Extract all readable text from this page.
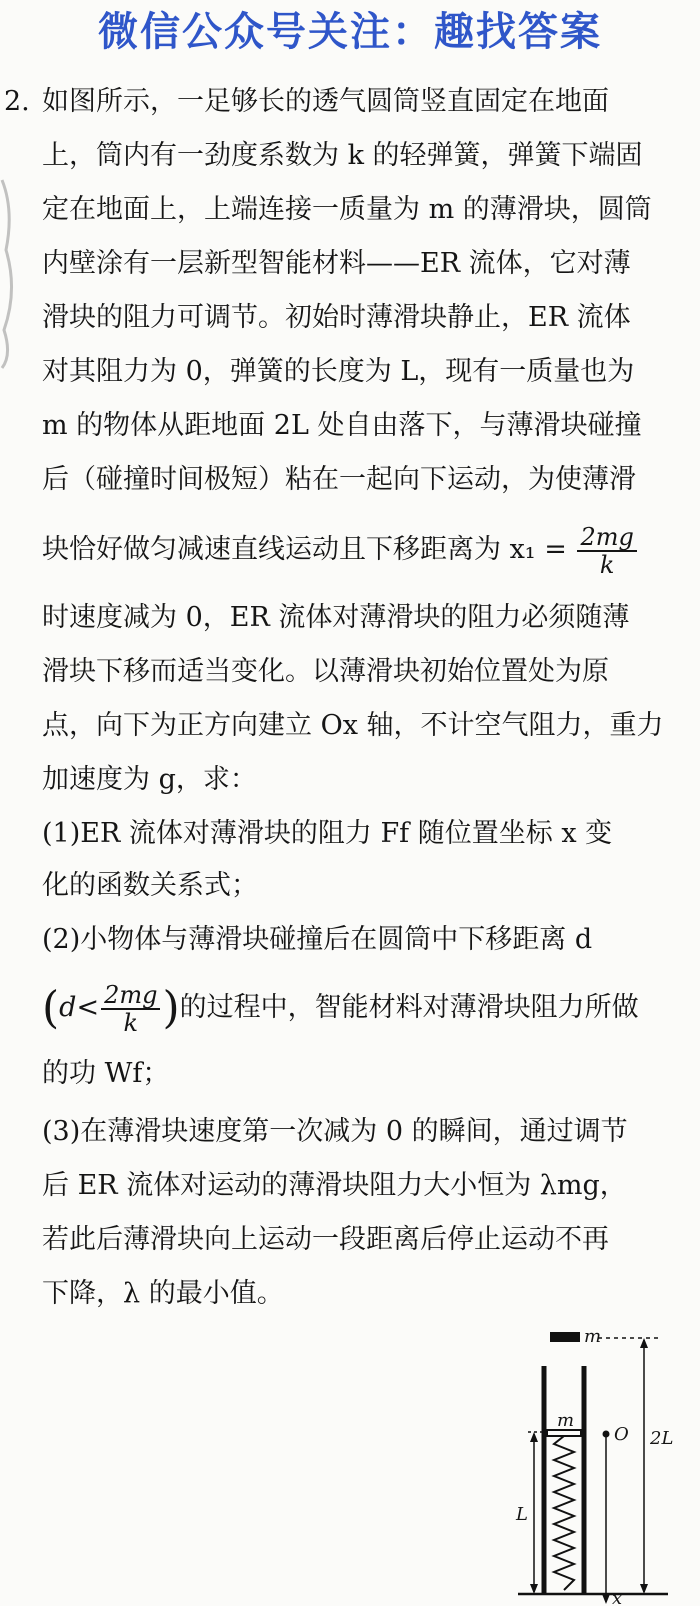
微信公众号关注：趣找答案
2. 如图所示，一足够长的透气圆筒竖直固定在地面
上，筒内有一劲度系数为 k 的轻弹簧，弹簧下端固
定在地面上，上端连接一质量为 m 的薄滑块，圆筒
内壁涂有一层新型智能材料——ER 流体，它对薄
滑块的阻力可调节。初始时薄滑块静止，ER 流体
对其阻力为 0，弹簧的长度为 L，现有一质量也为
m 的物体从距地面 2L 处自由落下，与薄滑块碰撞
后（碰撞时间极短）粘在一起向下运动，为使薄滑
块恰好做匀减速直线运动且下移距离为 $x_1 = \frac{2mg}{k}$
时速度减为 0，ER 流体对薄滑块的阻力必须随薄
滑块下移而适当变化。以薄滑块初始位置处为原
点，向下为正方向建立 Ox 轴，不计空气阻力，重力
加速度为 g，求：
(1)ER 流体对薄滑块的阻力 Ff 随位置坐标 x 变
化的函数关系式；
(2)小物体与薄滑块碰撞后在圆筒中下移距离 d
($d< \frac{2mg}{k}$ )的过程中，智能材料对薄滑块阻力所做
的功 Wf；
(3)在薄滑块速度第一次减为 0 的瞬间，通过调节
后 ER 流体对运动的薄滑块阻力大小恒为 λmg，
若此后薄滑块向上运动一段距离后停止运动不再
下降，λ 的最小值。
m
2L
m
L
O
x
